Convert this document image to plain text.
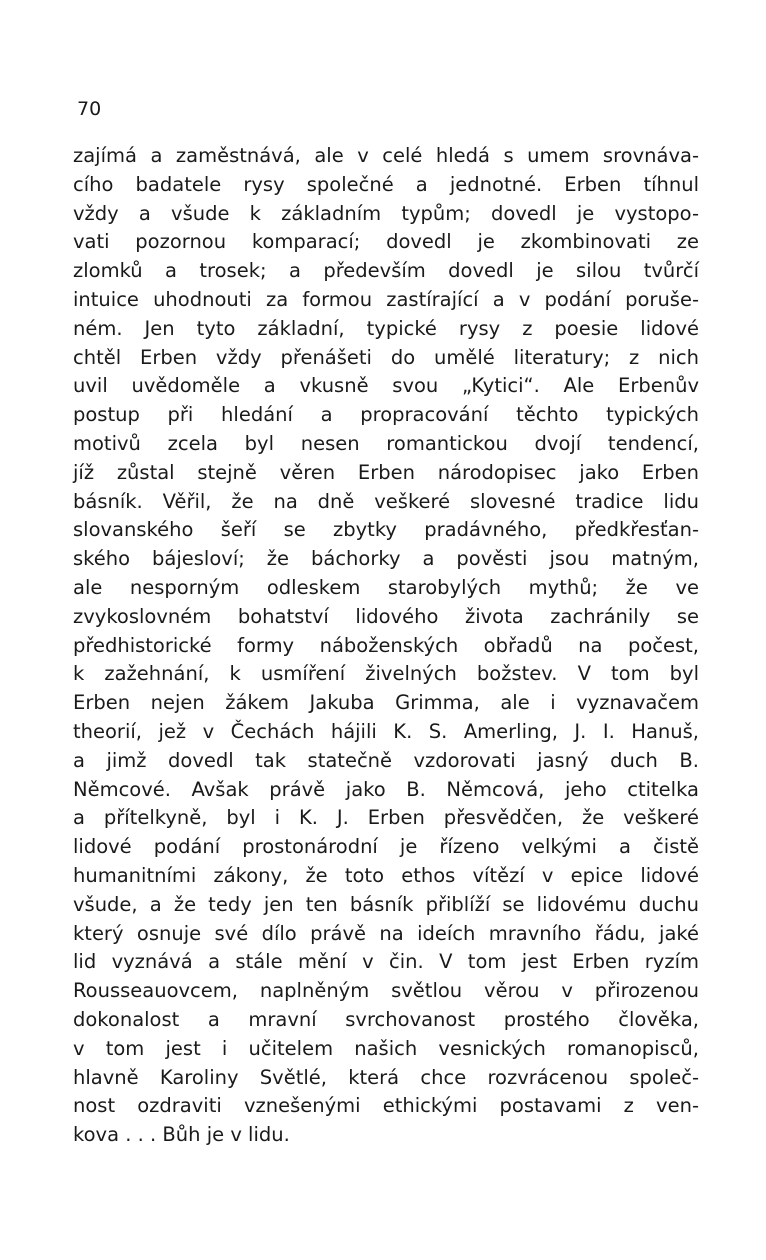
70
zajímá a zaměstnává, ale v celé hledá s umem srovnáva-
cího badatele rysy společné a jednotné. Erben tíhnul
vždy a všude k základním typům; dovedl je vystopo-
vati pozornou komparací; dovedl je zkombinovati ze
zlomků a trosek; a především dovedl je silou tvůrčí
intuice uhodnouti za formou zastírající a v podání poruše-
ném. Jen tyto základní, typické rysy z poesie lidové
chtěl Erben vždy přenášeti do umělé literatury; z nich
uvil uvědoměle a vkusně svou „Kytici“. Ale Erbenův
postup při hledání a propracování těchto typických
motivů zcela byl nesen romantickou dvojí tendencí,
jíž zůstal stejně věren Erben národopisec jako Erben
básník. Věřil, že na dně veškeré slovesné tradice lidu
slovanského šeří se zbytky pradávného, předkřesťan-
ského bájesloví; že báchorky a pověsti jsou matným,
ale nesporným odleskem starobylých mythů; že ve
zvykoslovném bohatství lidového života zachránily se
předhistorické formy náboženských obřadů na počest,
k zažehnání, k usmíření živelných božstev. V tom byl
Erben nejen žákem Jakuba Grimma, ale i vyznavačem
theorií, jež v Čechách hájili K. S. Amerling, J. I. Hanuš,
a jimž dovedl tak statečně vzdorovati jasný duch B.
Němcové. Avšak právě jako B. Němcová, jeho ctitelka
a přítelkyně, byl i K. J. Erben přesvědčen, že veškeré
lidové podání prostonárodní je řízeno velkými a čistě
humanitními zákony, že toto ethos vítězí v epice lidové
všude, a že tedy jen ten básník přiblíží se lidovému duchu
který osnuje své dílo právě na ideích mravního řádu, jaké
lid vyznává a stále mění v čin. V tom jest Erben ryzím
Rousseauovcem, naplněným světlou věrou v přirozenou
dokonalost a mravní svrchovanost prostého člověka,
v tom jest i učitelem našich vesnických romanopisců,
hlavně Karoliny Světlé, která chce rozvrácenou společ-
nost ozdraviti vznešenými ethickými postavami z ven-
kova . . . Bůh je v lidu.
